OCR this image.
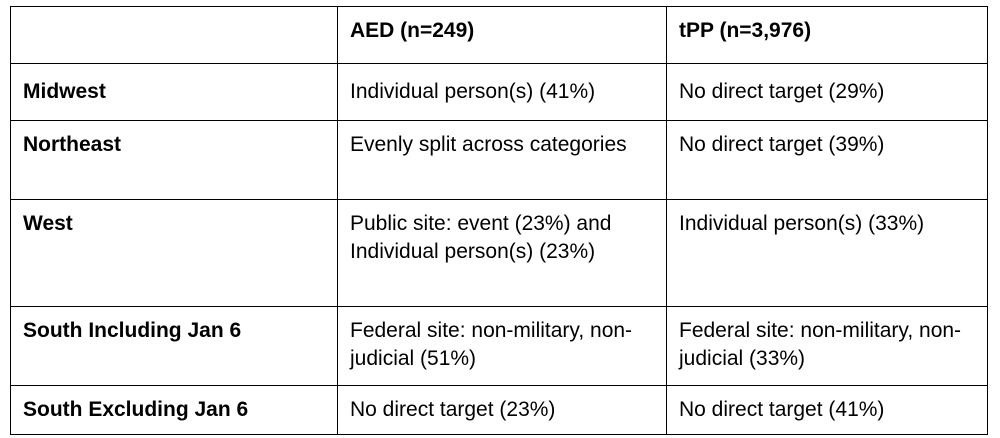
	AED (n=249)	tPP (n=3,976)
Midwest	Individual person(s) (41%)	No direct target (29%)
Northeast	Evenly split across categories	No direct target (39%)
West	Public site: event (23%) and Individual person(s) (23%)	Individual person(s) (33%)
South Including Jan 6	Federal site: non-military, non-judicial (51%)	Federal site: non-military, non-judicial (33%)
South Excluding Jan 6	No direct target (23%)	No direct target (41%)
